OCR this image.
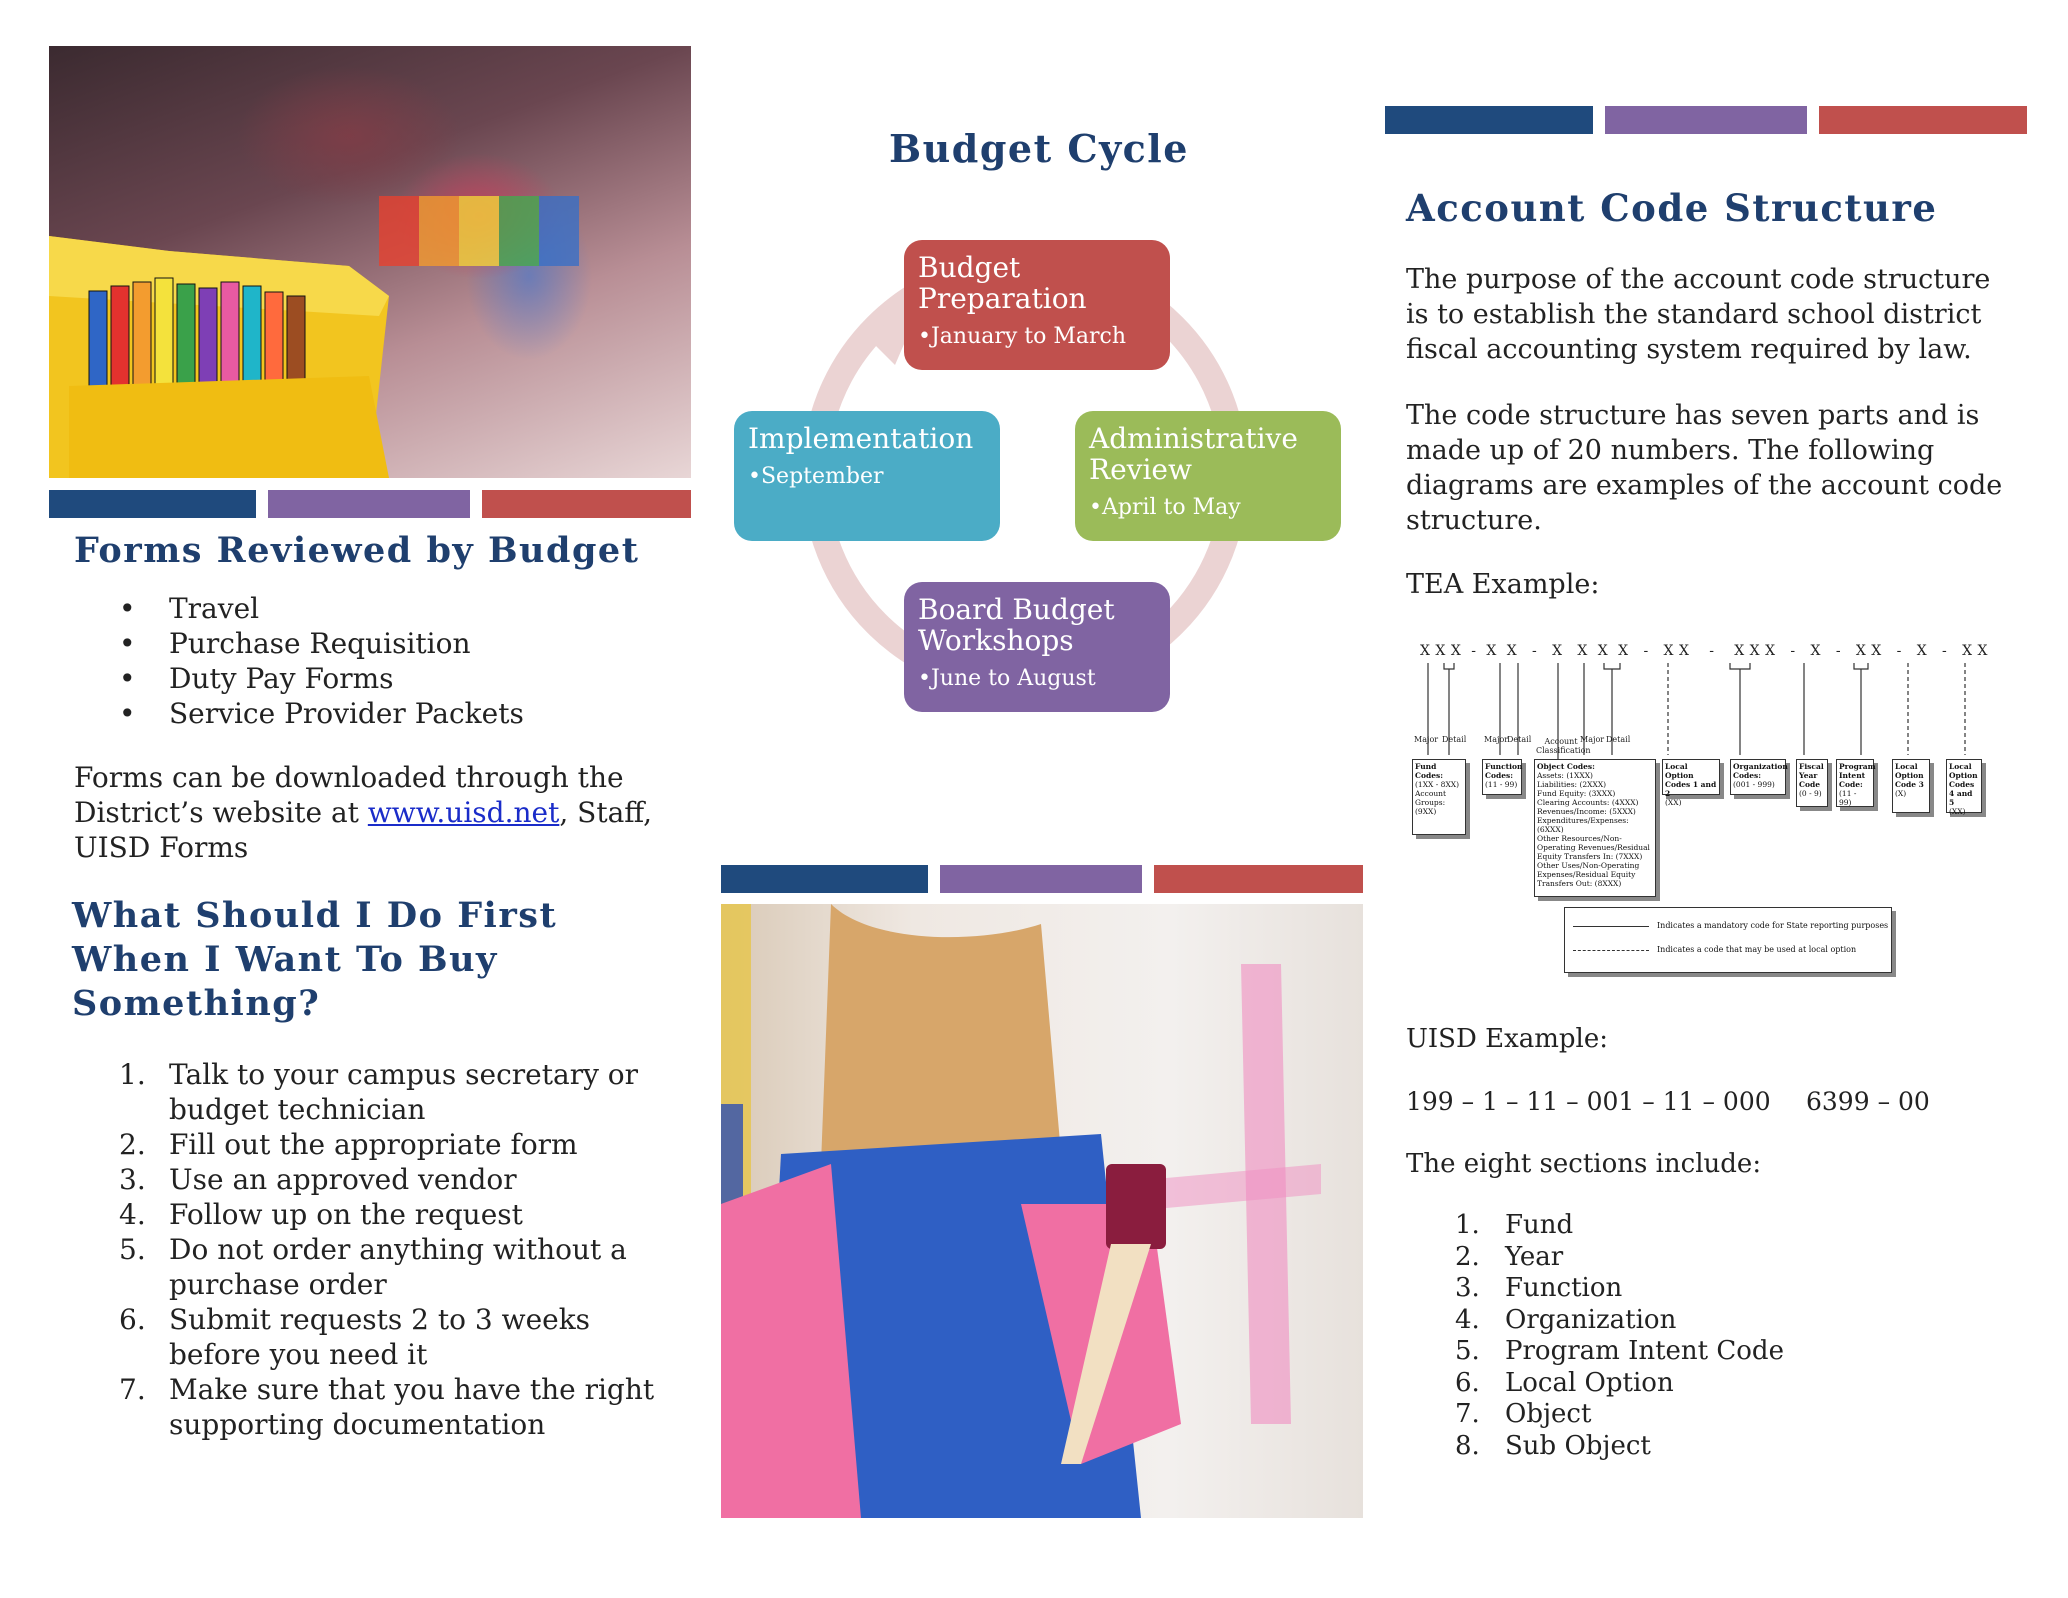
Forms Reviewed by Budget
• Travel
• Purchase Requisition
• Duty Pay Forms
• Service Provider Packets
Forms can be downloaded through the District’s website at www.uisd.net, Staff, UISD Forms
What Should I Do First When I Want To Buy Something?
1. Talk to your campus secretary or budget technician
2. Fill out the appropriate form
3. Use an approved vendor
4. Follow up on the request
5. Do not order anything without a purchase order
6. Submit requests 2 to 3 weeks before you need it
7. Make sure that you have the right supporting documentation
Budget Cycle
Budget Preparation
•January to March
Administrative Review
•April to May
Board Budget Workshops
•June to August
Implementation
•September
Account Code Structure
The purpose of the account code structure is to establish the standard school district fiscal accounting system required by law.
The code structure has seven parts and is made up of 20 numbers. The following diagrams are examples of the account code structure.
TEA Example:
X X X  -  X  X   -   X   X  X  X   -   X X    -    X X X   -   X   -   X X   -   X   -   X X
Major Detail Major
Detail	Account Classification
Major Detail
Fund Codes:
(1XX - 8XX)
Account Groups:
(9XX)
Function Codes:
(11 - 99)
Object Codes:
Assets: (1XXX)
Liabilities: (2XXX)
Fund Equity: (3XXX)
Clearing Accounts: (4XXX)
Revenues/Income: (5XXX)
Expenditures/Expenses: (6XXX)
Other Resources/Non-Operating Revenues/Residual Equity Transfers In: (7XXX)
Other Uses/Non-Operating Expenses/Residual Equity Transfers Out: (8XXX)
Local Option Codes 1 and 2
(XX)
Organization Codes:
(001 - 999)
Fiscal Year Code
(0 - 9)
Program Intent Code:
(11 - 99)
Local Option Code 3
(X)
Local Option Codes 4 and 5
(XX)
Indicates a mandatory code for State reporting purposes
Indicates a code that may be used at local option
UISD Example:
199 – 1 – 11 – 001 – 11 – 000 6399 – 00
The eight sections include:
1. Fund
2. Year
3. Function
4. Organization
5. Program Intent Code
6. Local Option
7. Object
8. Sub Object
